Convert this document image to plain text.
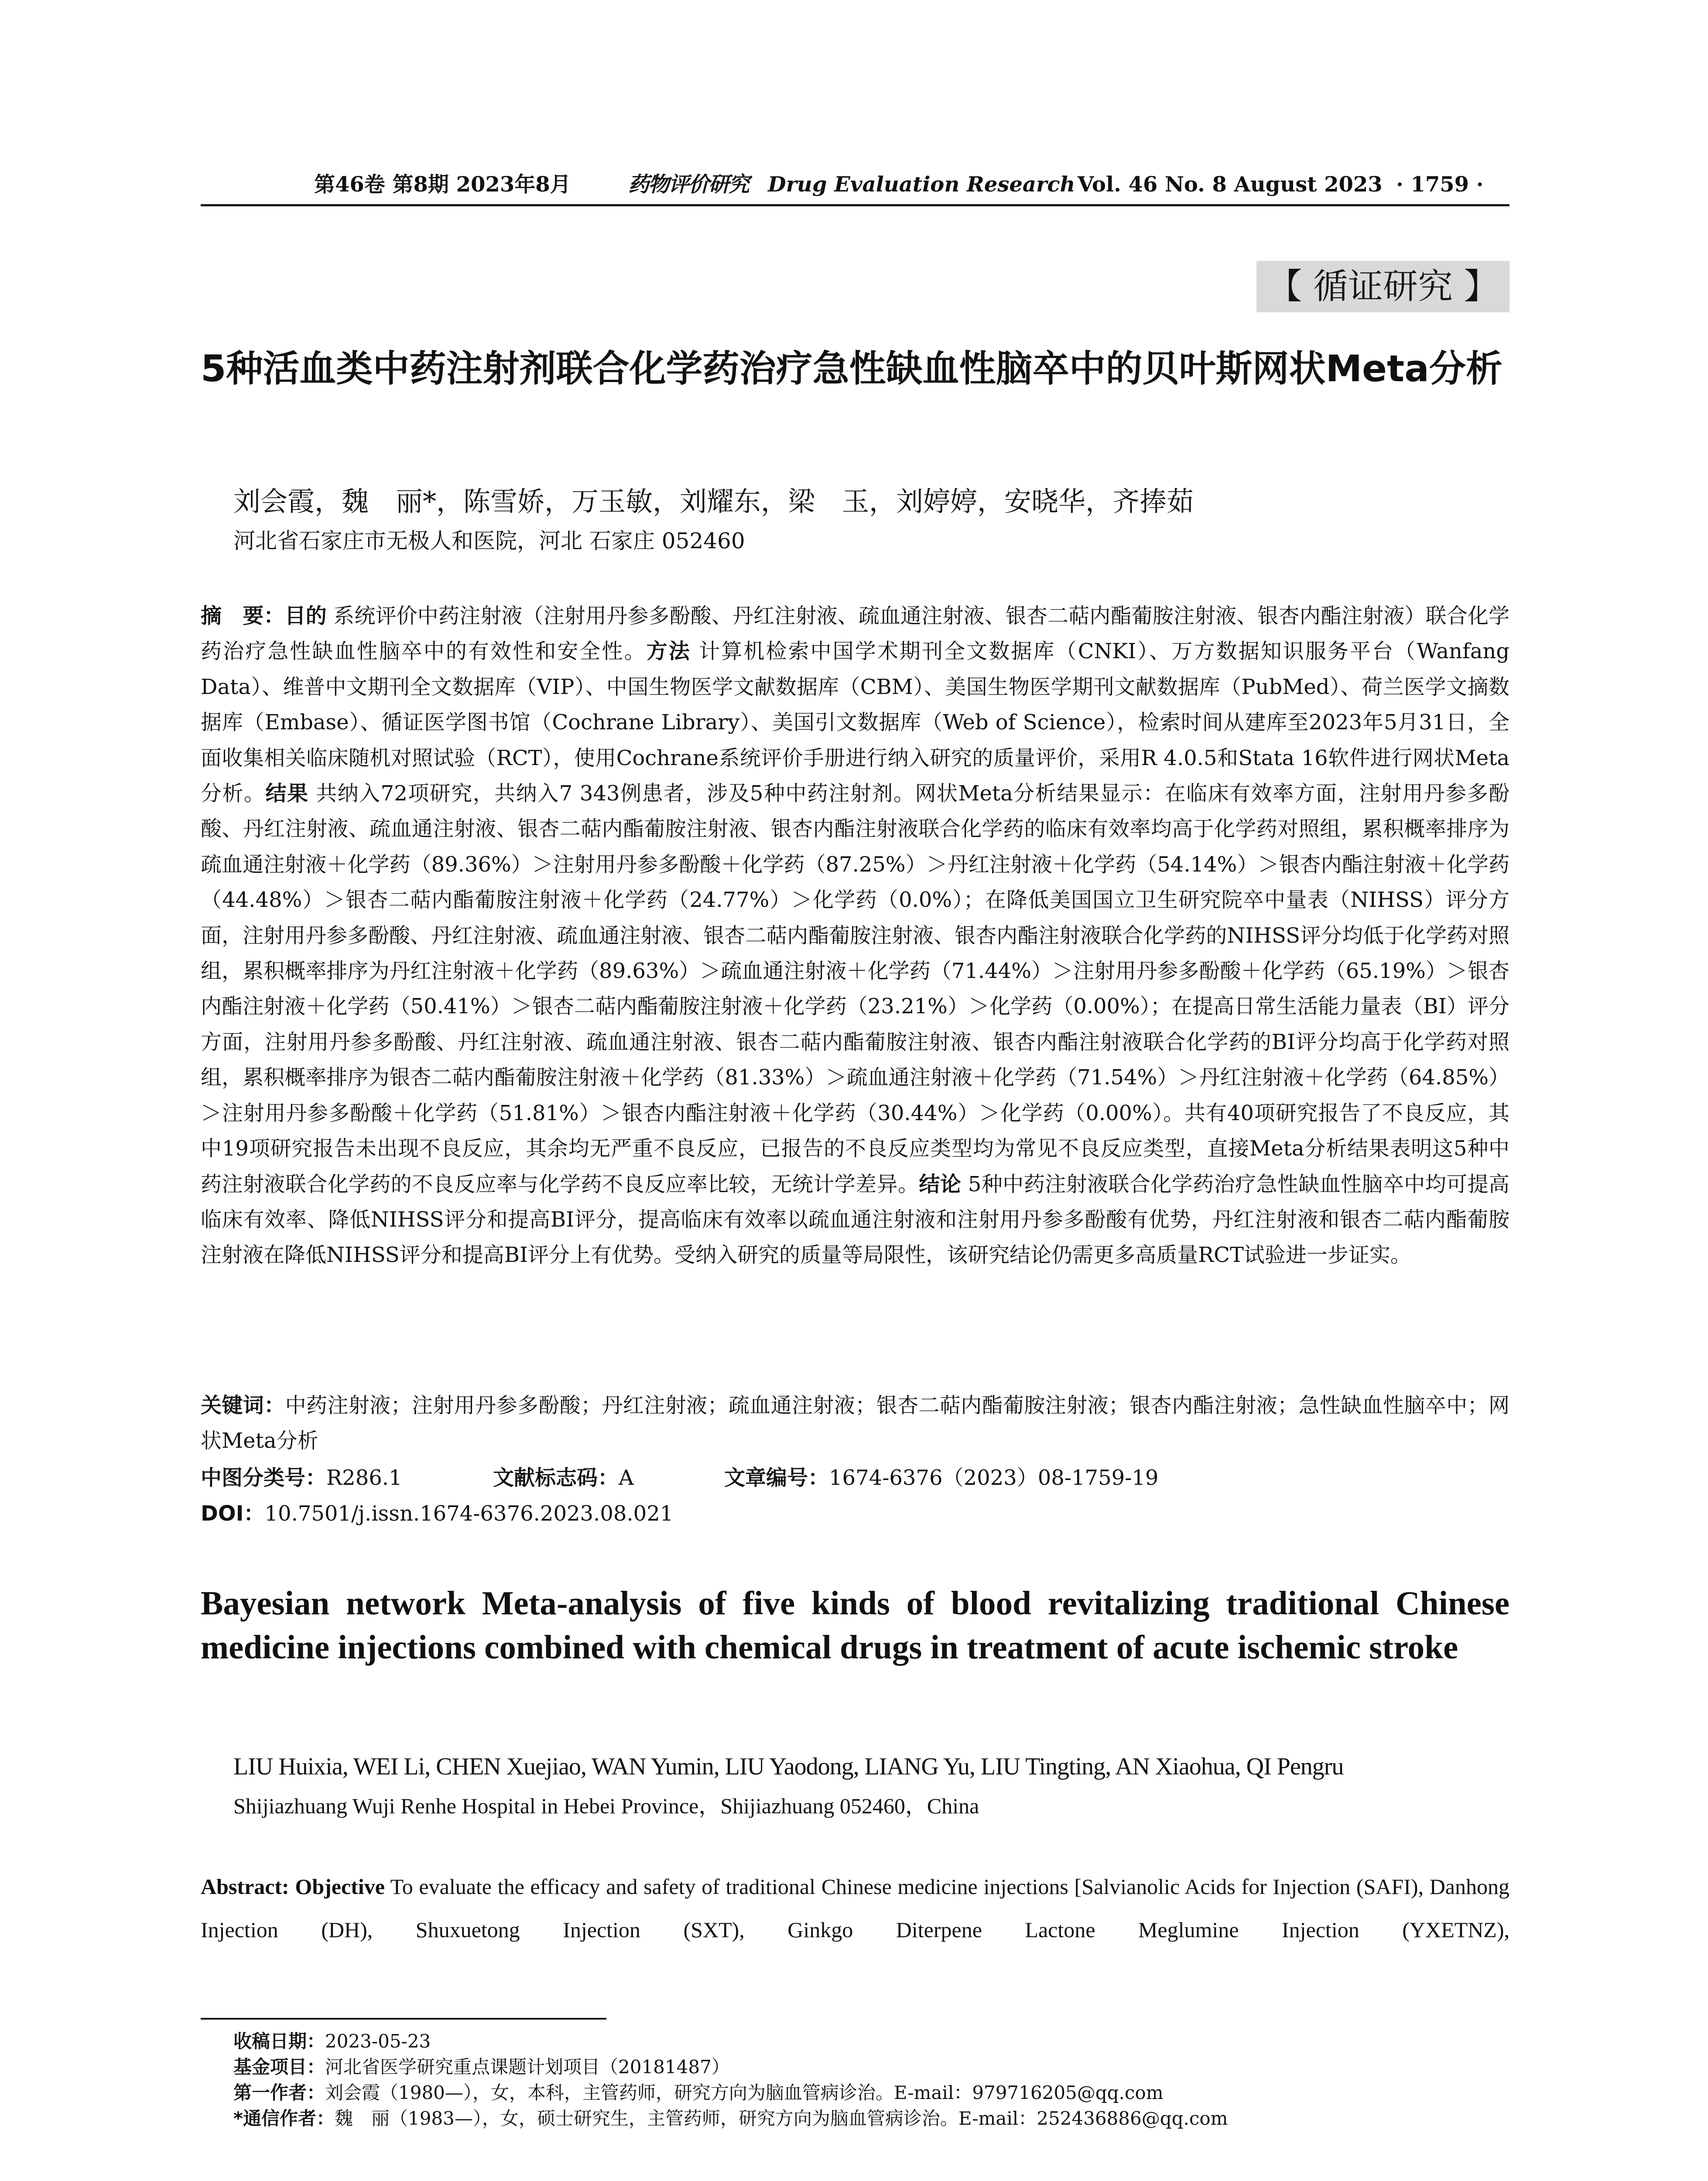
第46卷 第8期 2023年8月	药物评价研究 Drug Evaluation Research Vol. 46 No. 8 August 2023 · 1759 ·
【 循证研究 】
5种活血类中药注射剂联合化学药治疗急性缺血性脑卒中的贝叶斯网状Meta分析
刘会霞，魏　丽*，陈雪娇，万玉敏，刘耀东，梁　玉，刘婷婷，安晓华，齐捧茹
河北省石家庄市无极人和医院，河北 石家庄 052460
摘　要：目的 系统评价中药注射液（注射用丹参多酚酸、丹红注射液、疏血通注射液、银杏二萜内酯葡胺注射液、银杏内酯注射液）联合化学药治疗急性缺血性脑卒中的有效性和安全性。方法 计算机检索中国学术期刊全文数据库（CNKI）、万方数据知识服务平台（Wanfang Data）、维普中文期刊全文数据库（VIP）、中国生物医学文献数据库（CBM）、美国生物医学期刊文献数据库（PubMed）、荷兰医学文摘数据库（Embase）、循证医学图书馆（Cochrane Library）、美国引文数据库（Web of Science），检索时间从建库至2023年5月31日，全面收集相关临床随机对照试验（RCT），使用Cochrane系统评价手册进行纳入研究的质量评价，采用R 4.0.5和Stata 16软件进行网状Meta分析。结果 共纳入72项研究，共纳入7 343例患者，涉及5种中药注射剂。网状Meta分析结果显示：在临床有效率方面，注射用丹参多酚酸、丹红注射液、疏血通注射液、银杏二萜内酯葡胺注射液、银杏内酯注射液联合化学药的临床有效率均高于化学药对照组，累积概率排序为疏血通注射液＋化学药（89.36%）＞注射用丹参多酚酸＋化学药（87.25%）＞丹红注射液＋化学药（54.14%）＞银杏内酯注射液＋化学药（44.48%）＞银杏二萜内酯葡胺注射液＋化学药（24.77%）＞化学药（0.0%）；在降低美国国立卫生研究院卒中量表（NIHSS）评分方面，注射用丹参多酚酸、丹红注射液、疏血通注射液、银杏二萜内酯葡胺注射液、银杏内酯注射液联合化学药的NIHSS评分均低于化学药对照组，累积概率排序为丹红注射液＋化学药（89.63%）＞疏血通注射液＋化学药（71.44%）＞注射用丹参多酚酸＋化学药（65.19%）＞银杏内酯注射液＋化学药（50.41%）＞银杏二萜内酯葡胺注射液＋化学药（23.21%）＞化学药（0.00%）；在提高日常生活能力量表（BI）评分方面，注射用丹参多酚酸、丹红注射液、疏血通注射液、银杏二萜内酯葡胺注射液、银杏内酯注射液联合化学药的BI评分均高于化学药对照组，累积概率排序为银杏二萜内酯葡胺注射液＋化学药（81.33%）＞疏血通注射液＋化学药（71.54%）＞丹红注射液＋化学药（64.85%）＞注射用丹参多酚酸＋化学药（51.81%）＞银杏内酯注射液＋化学药（30.44%）＞化学药（0.00%）。共有40项研究报告了不良反应，其中19项研究报告未出现不良反应，其余均无严重不良反应，已报告的不良反应类型均为常见不良反应类型，直接Meta分析结果表明这5种中药注射液联合化学药的不良反应率与化学药不良反应率比较，无统计学差异。结论 5种中药注射液联合化学药治疗急性缺血性脑卒中均可提高临床有效率、降低NIHSS评分和提高BI评分，提高临床有效率以疏血通注射液和注射用丹参多酚酸有优势，丹红注射液和银杏二萜内酯葡胺注射液在降低NIHSS评分和提高BI评分上有优势。受纳入研究的质量等局限性，该研究结论仍需更多高质量RCT试验进一步证实。
关键词：中药注射液；注射用丹参多酚酸；丹红注射液；疏血通注射液；银杏二萜内酯葡胺注射液；银杏内酯注射液；急性缺血性脑卒中；网状Meta分析
中图分类号：R286.1	文献标志码：A	文章编号：1674-6376（2023）08-1759-19
DOI：10.7501/j.issn.1674-6376.2023.08.021
Bayesian network Meta-analysis of five kinds of blood revitalizing traditional Chinese medicine injections combined with chemical drugs in treatment of acute ischemic stroke
LIU Huixia, WEI Li, CHEN Xuejiao, WAN Yumin, LIU Yaodong, LIANG Yu, LIU Tingting, AN Xiaohua, QI Pengru
Shijiazhuang Wuji Renhe Hospital in Hebei Province，Shijiazhuang 052460，China
Abstract: Objective To evaluate the efficacy and safety of traditional Chinese medicine injections [Salvianolic Acids for Injection (SAFI), Danhong Injection (DH), Shuxuetong Injection (SXT), Ginkgo Diterpene Lactone Meglumine Injection (YXETNZ),
收稿日期：2023-05-23
基金项目：河北省医学研究重点课题计划项目（20181487）
第一作者：刘会霞（1980—），女，本科，主管药师，研究方向为脑血管病诊治。E-mail：979716205@qq.com
*通信作者：魏　丽（1983—），女，硕士研究生，主管药师，研究方向为脑血管病诊治。E-mail：252436886@qq.com
